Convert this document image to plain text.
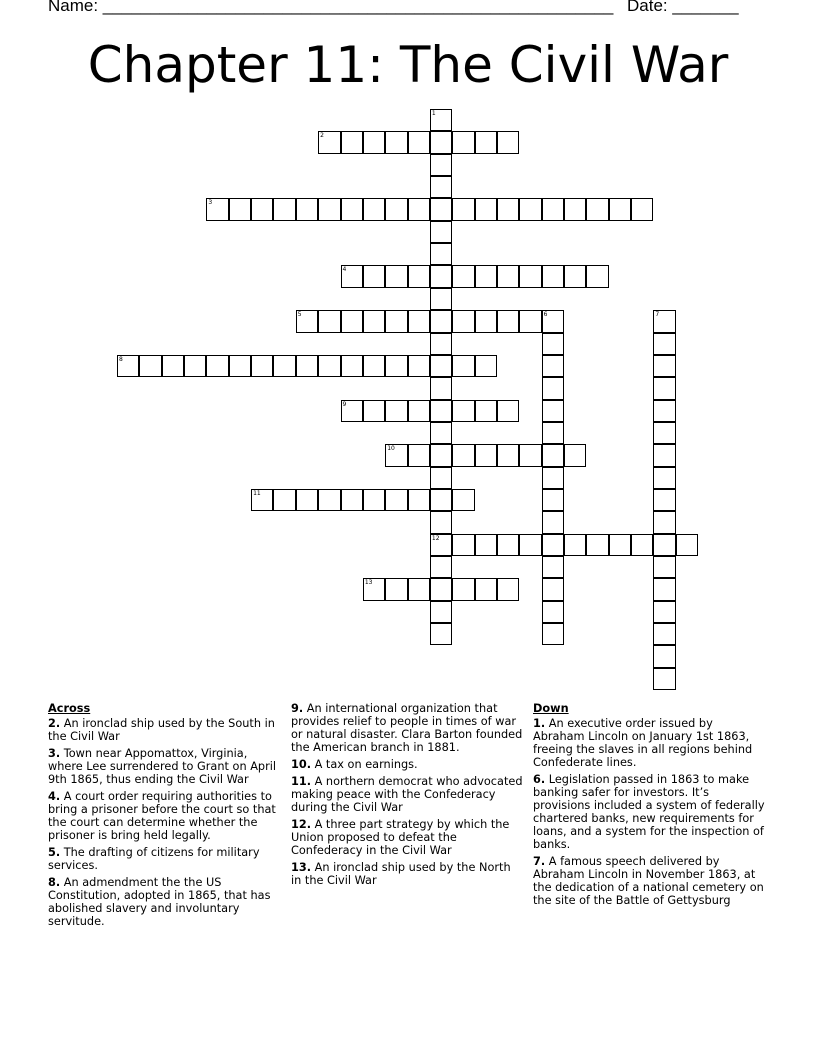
Name: ______________________________________________________ Date: _______
Chapter 11: The Civil War
1
12
2
3
4
5	6	7
8
9
10
11
13
Across
2. An ironclad ship used by the South in the Civil War
3. Town near Appomattox, Virginia, where Lee surrendered to Grant on April 9th 1865, thus ending the Civil War
4. A court order requiring authorities to bring a prisoner before the court so that the court can determine whether the prisoner is bring held legally.
5. The drafting of citizens for military services.
8. An admendment the the US Constitution, adopted in 1865, that has abolished slavery and involuntary servitude.
9. An international organization that provides relief to people in times of war or natural disaster. Clara Barton founded the American branch in 1881.
10. A tax on earnings.
11. A northern democrat who advocated making peace with the Confederacy during the Civil War
12. A three part strategy by which the Union proposed to defeat the Confederacy in the Civil War
13. An ironclad ship used by the North in the Civil War
Down
1. An executive order issued by Abraham Lincoln on January 1st 1863, freeing the slaves in all regions behind Confederate lines.
6. Legislation passed in 1863 to make banking safer for investors. It’s provisions included a system of federally chartered banks, new requirements for loans, and a system for the inspection of banks.
7. A famous speech delivered by Abraham Lincoln in November 1863, at the dedication of a national cemetery on the site of the Battle of Gettysburg
